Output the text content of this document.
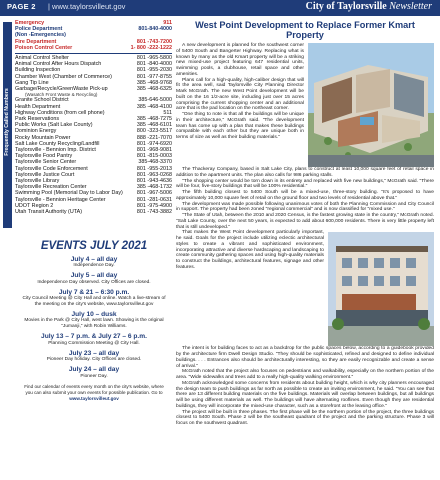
PAGE 2 | www.taylorsvilleut.gov	City of Taylorsville Newsletter
Frequently Called Numbers
Emergency	911
Police Department	801-840-4000
(Non -Emergencies)
Fire Department	801 -743-7200
Poison Control Center	1- 800 -222-1222
Animal Control Shelter	801 -965-5800
Animal Control After Hours Dispatch	801 -840-4000
Building Inspection	801 -955-2030
Chamber West (Chamber of Commerce)	801 -977-8755
Gang Tip Line	385 -468-9768
Garbage/Recycle/GreenWaste Pick-up	385 -468-6325
(Wasatch Front Waste & Recycling)
Granite School District	385-646-5000
Health Department	385 -468-4100
Highway Conditions (from cell phone)	511
Park Reservations	385 -468-7275
Public Works (Salt Lake County)	385 -468-6101
Dominion Energy	800 -323-5517
Rocky Mountain Power	888 -221-7070
Salt Lake County Recycling/Landfill	801 -974-6920
Taylorsville - Bennion Imp. District	801 -968-9081
Taylorsville Food Pantry	801 -815-0003
Taylorsville Senior Center	385-468-3370
Taylorsville Code Enforcement	801 -955-2013
Taylorsville Justice Court	801 -963-0268
Taylorsville Library	801 -943-4636
Taylorsville Recreation Center	385 -468-1732
Swimming Pool (Memorial Day to Labor Day)	801 -967-5006
Taylorsville - Bennion Heritage Center	801 -281-0631
UDOT Region 2	801 -975-4900
Utah Transit Authority (UTA)	801 -743-3882
EVENTS JULY 2021
July 4 – all day
Independence Day.
July 5 – all day
Independence Day observed. City Offices are closed.
July 7 & 21 – 6:30 p.m.
City Council Meeting @ City Hall and online. Watch a live-stream of the meeting on the city's website, www.taylorsvilleut.gov
July 10 – dusk
Movies in the Park @ City Hall, west lawn. Showing is the original "Jumanji," with Robin Williams.
July 13 – 7 p.m. & July 27 – 6 p.m.
Planning Commission Meeting @ City Hall.
July 23 – all day
Pioneer Day holiday. City Offices are closed.
July 24 – all day
Pioneer Day.
Find our calendar of events every month on the city's website, where you can also submit your own events for possible publication. Go to www.taylorsvilleut.gov
West Point Development to Replace Former Kmart Property

A new development is planned for the southwest corner of 5400 South and Bangerter Highway. Replacing what is known by many as the old Kmart property will be a striking new mixed-use project featuring 647 residential units, swimming pools, a clubhouse, retail space and other amenities.

Plans call for a high-quality, high-caliber design that will fit the area well, said Taylorsville City Planning Director Mark McGrath. The new West Point development will be built on the 16 1/2-acre site, including just over 15 acres comprising the current shopping center and an additional acre that is the pad location on the northeast corner.

"One thing to note is that all the buildings will be unique in their architecture," McGrath said. "The development team has come up with a plan that makes these buildings compatible with each other but they are unique both in terms of size as well as their building materials."

The Thackeray Company, based in Salt Lake City, plans to construct at least 10,000 square feet of retail space in addition to the apartment units. The plan also calls for 986 parking stalls.

"The shopping center would be torn down in its entirety and replaced with five new buildings," McGrath said. "There will be four, five-story buildings that will be 100% residential."

The fifth building closest to 5400 South will be a mixed-use, three-story building. "It's proposed to have approximately 10,000 square feet of retail on the ground floor and two levels of residential above that."

The development was made possible following unanimous votes of both the Planning Commission and City Council in support. The property had been zoned "regional commercial" and is now classified for "mixed use."

"The State of Utah, between the 2010 and 2020 Census, is the fastest growing state in the country," McGrath noted. "Salt Lake County, over the next 50 years, is expected to add about 600,000 residents. There is very little property left that is still undeveloped."

That makes the West Point development particularly important, he said. Goals for the project include utilizing eclectic architectural styles to create a vibrant and sophisticated environment, incorporating attractive and diverse hardscaping and landscaping to create community gathering spaces and using high-quality materials to construct the buildings, architectural features, signage and other features.

The intent is for building faces to act as a backdrop for the public spaces below, according to a guidebook provided by the architecture firm Dwell Design Studio. "They should be sophisticated, refined and designed to define individual buildings. . . . Entrances also should be architecturally interesting, so they are easily recognizable and create a sense of arrival."

McGrath noted that the project also focuses on pedestrians and walkability, especially on the northern portion of the area. "Wide sidewalks and trees add to a really high-quality walking environment."

McGrath acknowledged some concerns from residents about building height, which is why city planners encouraged the design team to push buildings as far north as possible to create an inviting environment, he said. "You can see that there are 13 different building materials on the five buildings. Materials will overlap between buildings, but all buildings will be using different materials as well. The buildings will have alternating rooflines. Even though they are residential buildings, they will incorporate the mixed-use character, such as a storefront at the leasing office."

The project will be built in three phases. The first phase will be the northern portion of the project, the three buildings closest to 5400 South. Phase 2 will be the southeast quadrant of the project and the parking structure. Phase 3 will focus on the southwest quadrant.
